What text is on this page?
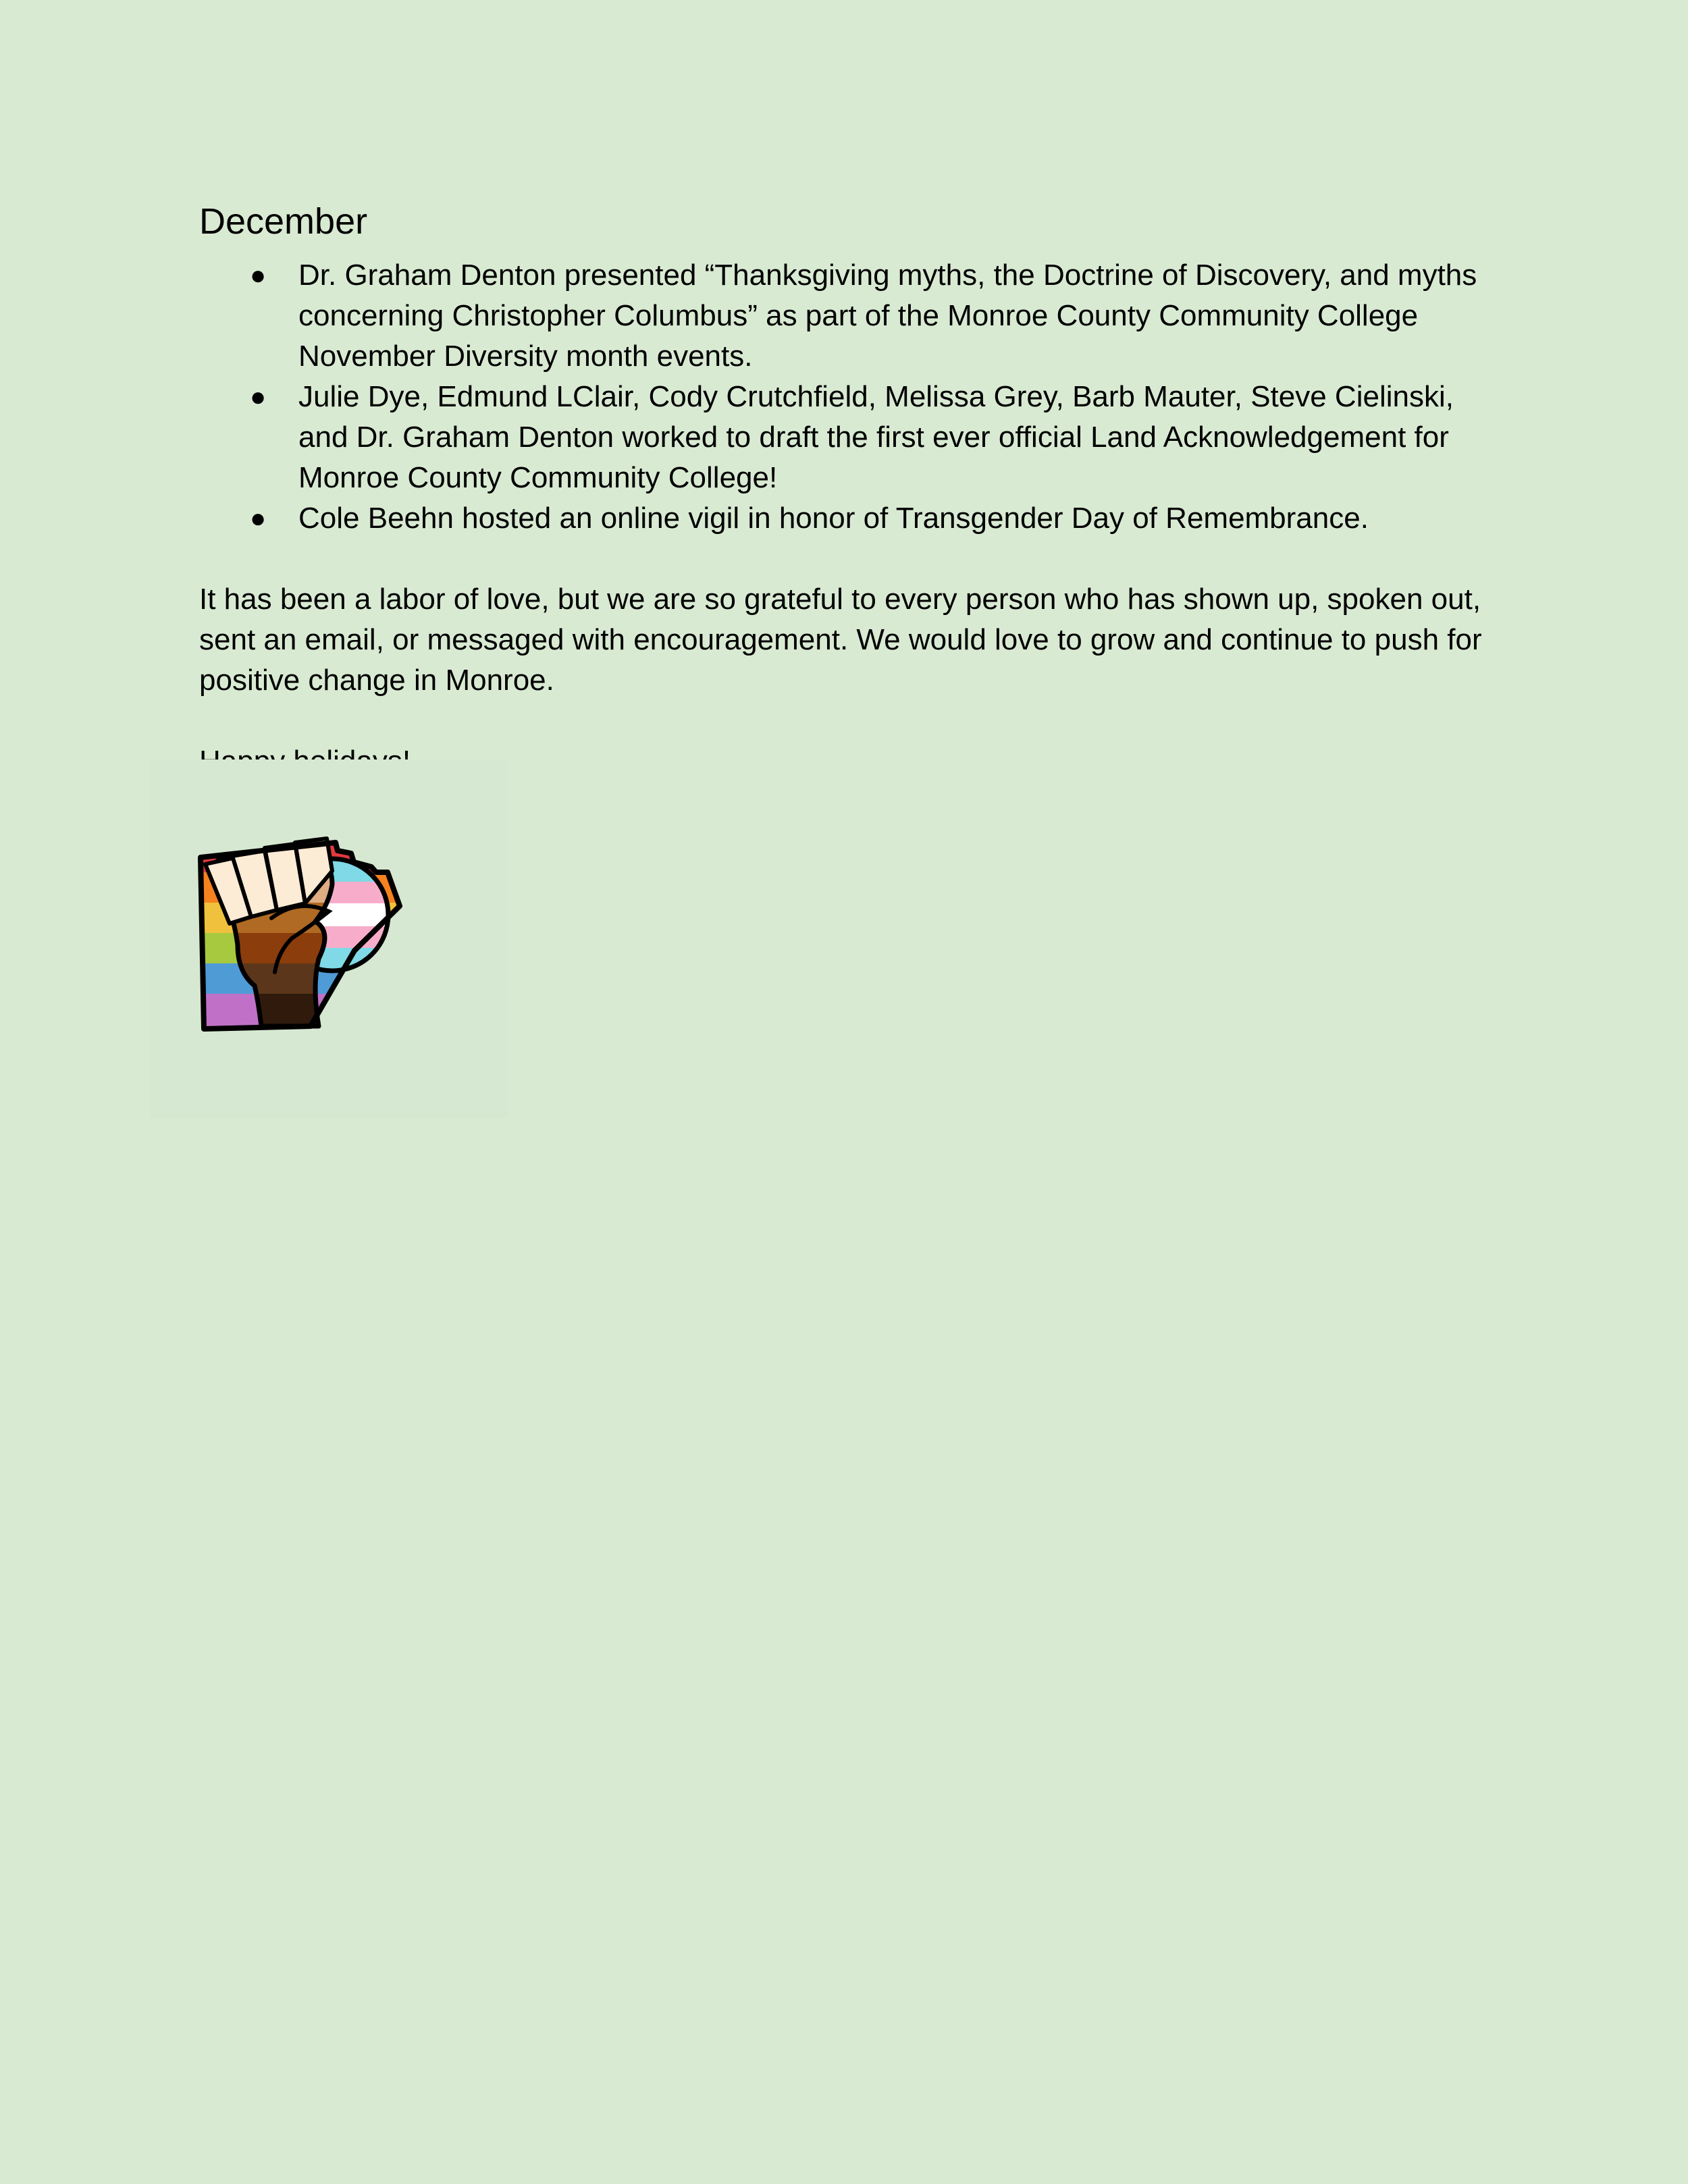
December
● Dr. Graham Denton presented “Thanksgiving myths, the Doctrine of Discovery, and myths concerning Christopher Columbus” as part of the Monroe County Community College November Diversity month events.
● Julie Dye, Edmund LClair, Cody Crutchfield, Melissa Grey, Barb Mauter, Steve Cielinski, and Dr. Graham Denton worked to draft the first ever official Land Acknowledgement for Monroe County Community College!
● Cole Beehn hosted an online vigil in honor of Transgender Day of Remembrance.

It has been a labor of love, but we are so grateful to every person who has shown up, spoken out, sent an email, or messaged with encouragement. We would love to grow and continue to push for positive change in Monroe.
